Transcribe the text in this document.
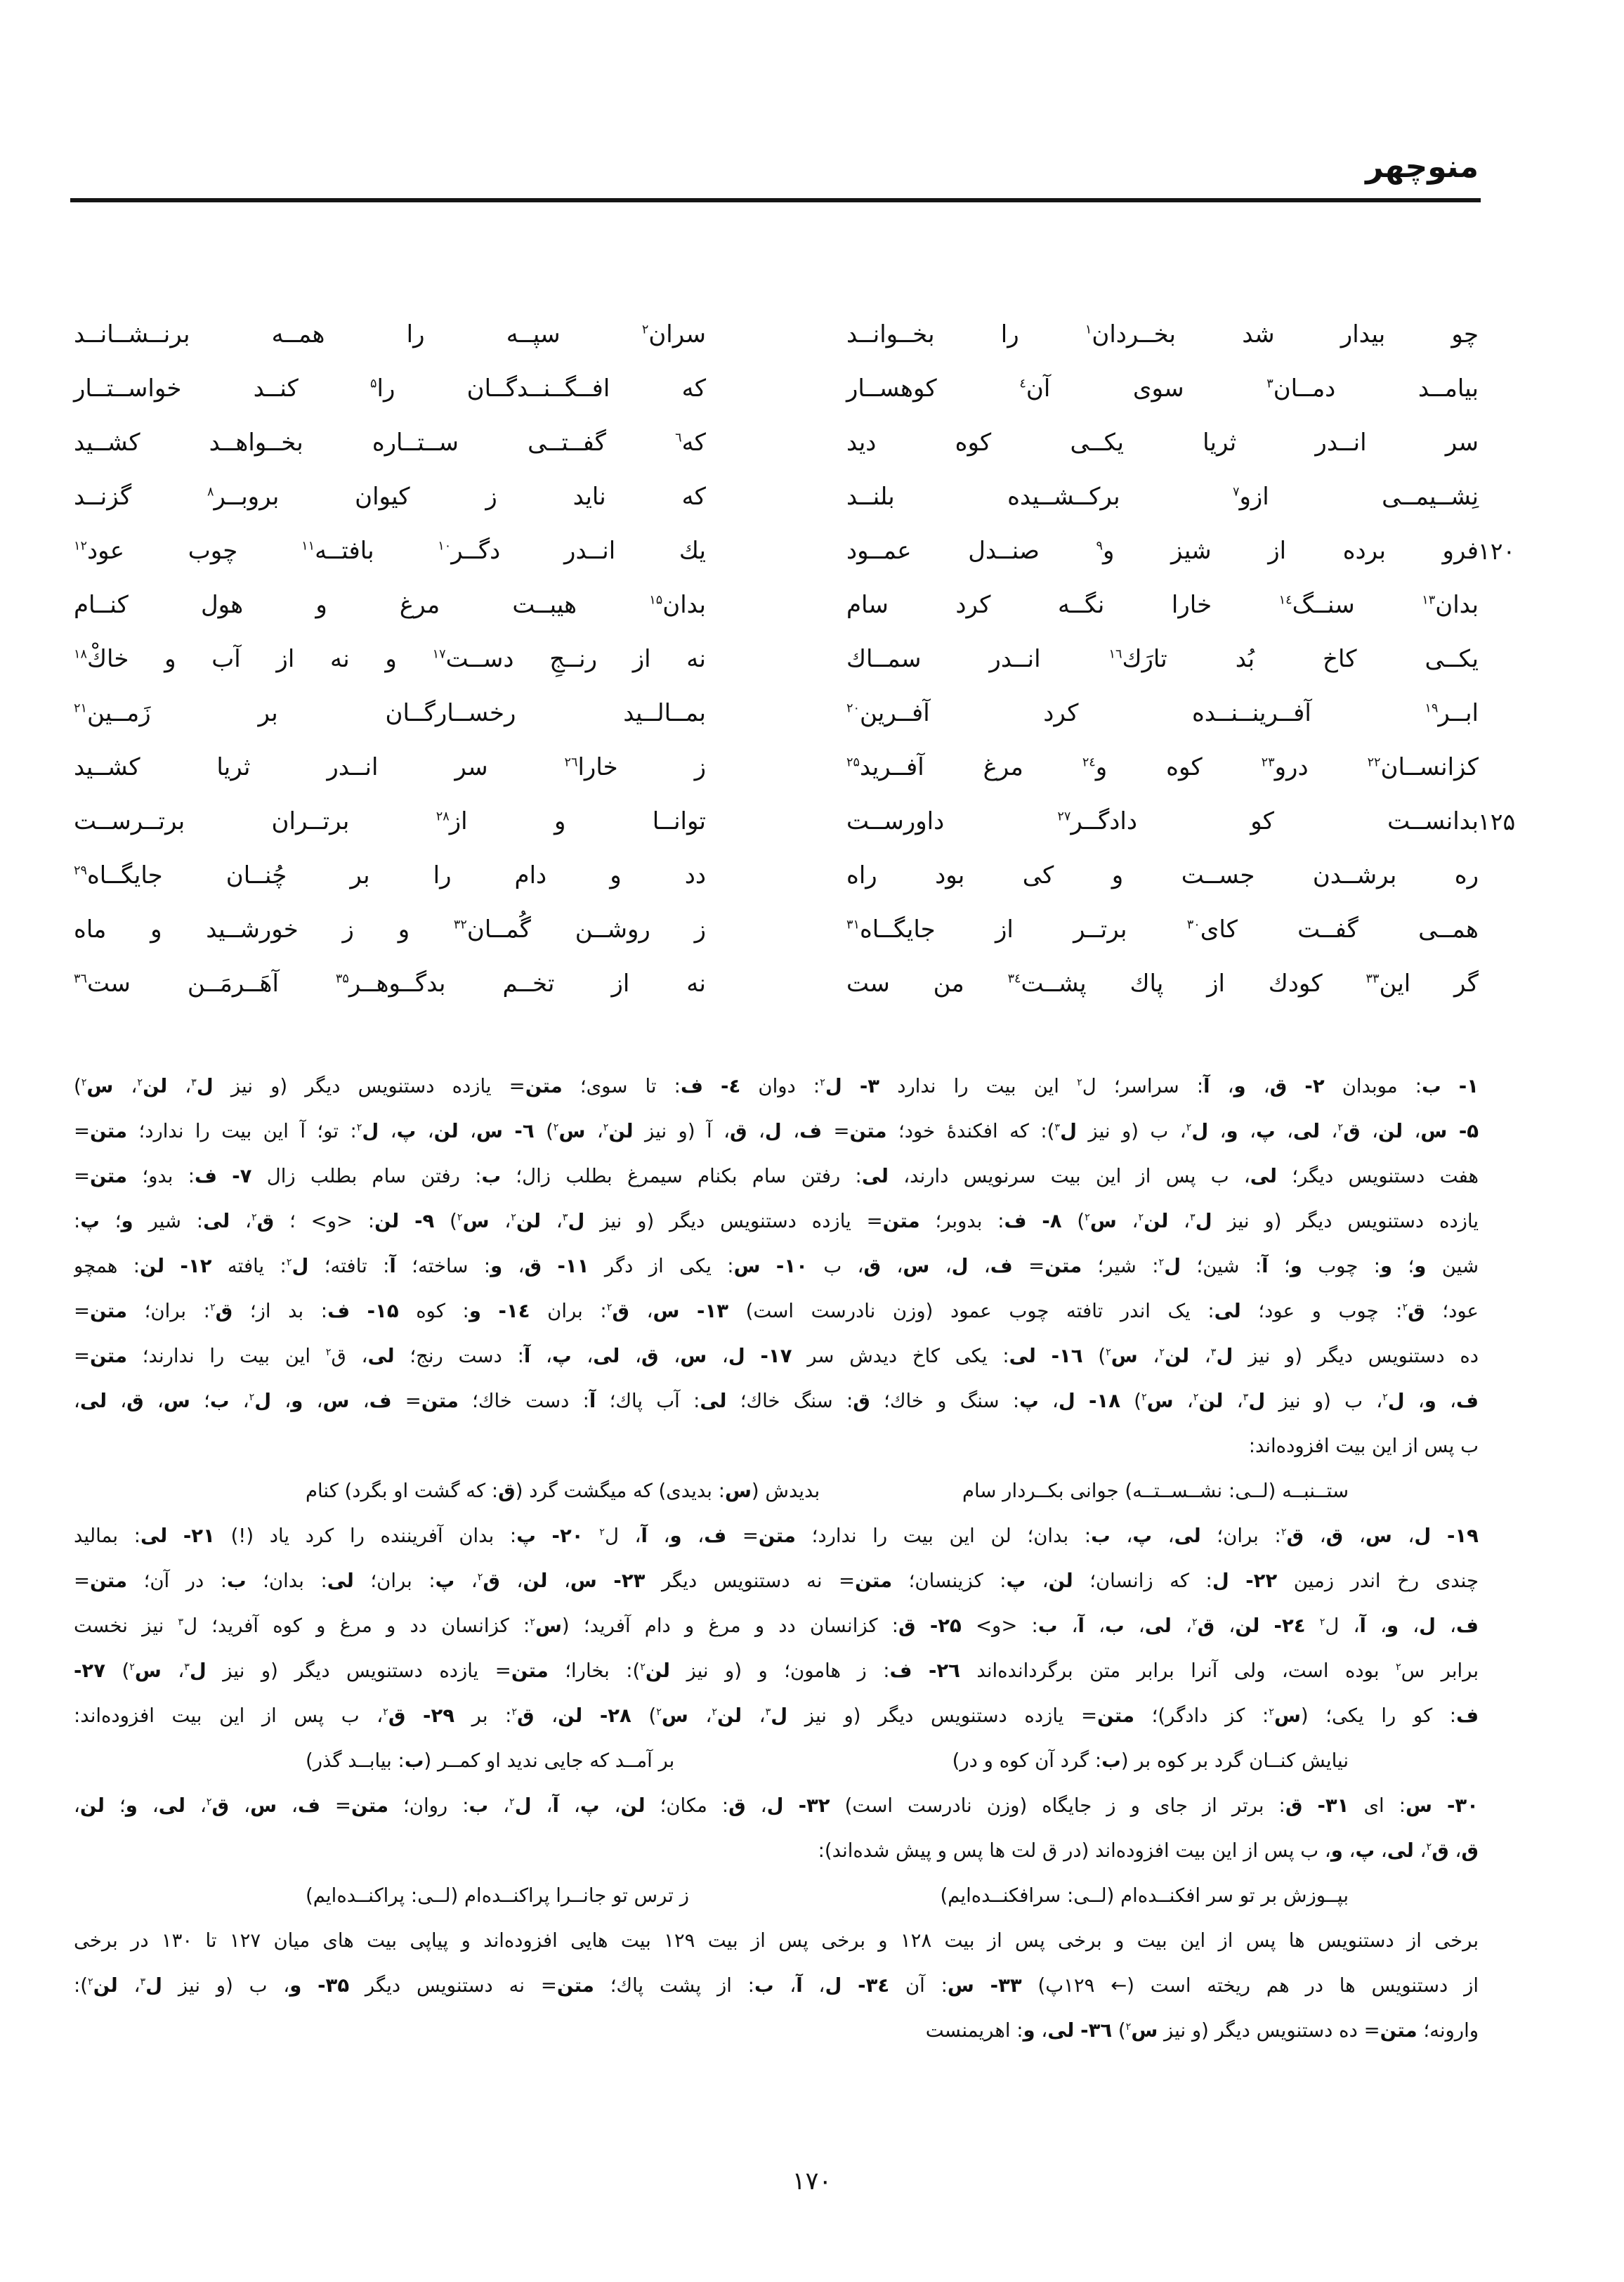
منوچهر
چو بيدار شد بخــردان$^١$ را بخــوانــد
سران$^٢$ سپــه را همــه برنــشــانــد
بيامــد دمــان$^٣$ سوى آن$^٤$ كوهســار
كه افــگــنــدگــان را$^۵$ كنــد خواســتــار
سر انــدر ثريا يكــى كوه ديد
كه$^٦$ گفــتــى ســتــاره بخــواهــد كشــيد
نِشــيمــى ازو$^٧$ بركــشــيده بلنــد
كه نايد ز كيوان بروبــر$^٨$ گزنــد
فرو برده از شيز و$^٩$ صنــدل عمــود
يك انــدر دگــر$^{١٠}$ بافتــه$^{١١}$ چوب عود$^{١٢}$
بدان$^{١٣}$ سنــگ$^{١٤}$ خارا نگــه كرد سام
بدان$^{١۵}$ هيبــت مرغ و هول كنــام
يكــى كاخ بُد تارَك$^{١٦}$ انــدر سمــاك
نه از رنــجِ دســت$^{١٧}$ و نه از آب و خاكْ$^{١٨}$
ابــر$^{١٩}$ آفــرينــنــده كرد آفــرين$^{٢٠}$
بمــالــيد رخســارگــان بر زَمــين$^{٢١}$
كزانســان$^{٢٢}$ درو$^{٢٣}$ كوه و$^{٢٤}$ مرغ آفــريد$^{٢۵}$
ز خارا$^{٢٦}$ سر انــدر ثريا كشــيد
بدانســت كو دادگــر$^{٢٧}$ داورســت
توانــا و از$^{٢٨}$ برتــران برتــرســت
ره برشــدن جســت و كى بود راه
دد و دام را بر چُنــان جايگــاه$^{٢٩}$
همــى گفــت كاى$^{٣٠}$ برتــر از جايگــاه$^{٣١}$
ز روشــن گُمــان$^{٣٢}$ و ز خورشــيد و ماه
گر اين$^{٣٣}$ كودك از پاك پشــت$^{٣٤}$ من ست
نه از تخــم بدگــوهــر$^{٣۵}$ آهَــرمَــن ست$^{٣٦}$
١٢٠
١٢۵
١- ب: موبدان ٢- ق، و، آ: سراسر؛ ل$^٢$ این بیت را ندارد ٣- ل$^٢$: دوان ٤- ف: تا سوی؛ متن= یازده دستنویس دیگر (و نیز ل$^٣$، لن$^٢$، س$^٢$)
۵- س، لن، ق$^٢$، لی، پ، و، ل$^٢$، ب (و نیز ل$^٣$): که افکندهٔ خود؛ متن= ف، ل، ق، آ (و نیز لن$^٢$، س$^٢$) ٦- س، لن، پ، ل$^٢$: تو؛ آ این بیت را ندارد؛ متن=
هفت دستنویس دیگر؛ لی، ب پس از این بیت سرنویس دارند، لی: رفتن سام بکنام سیمرغ بطلب زال؛ ب: رفتن سام بطلب زال ٧- ف: بدو؛ متن=
یازده دستنویس دیگر (و نیز ل$^٣$، لن$^٢$، س$^٢$) ٨- ف: بدوبر؛ متن= یازده دستنویس دیگر (و نیز ل$^٣$، لن$^٢$، س$^٢$) ٩- لن: <و> ؛ ق$^٢$، لی: شیر و؛ پ:
شین و؛ و: چوب و؛ آ: شین؛ ل$^٢$: شیر؛ متن= ف، ل، س، ق، ب ١٠- س: یکی از دگر ١١- ق، و: ساخته؛ آ: تافته؛ ل$^٢$: یافته ١٢- لن: همچو
عود؛ ق$^٢$: چوب و عود؛ لی: یک اندر تافته چوب عمود (وزن نادرست است) ١٣- س، ق$^٢$: بران ١٤- و: کوه ١۵- ف: بد از؛ ق$^٢$: بران؛ متن=
ده دستنویس دیگر (و نیز ل$^٣$، لن$^٢$، س$^٢$) ١٦- لی: یکی کاخ دیدش سر ١٧- ل، س، ق، لی، پ، آ: دست رنج؛ لی، ق$^٢$ این بیت را ندارند؛ متن=
ف، و، ل$^٢$، ب (و نیز ل$^٣$، لن$^٢$، س$^٢$) ١٨- ل، پ: سنگ و خاك؛ ق: سنگ خاك؛ لی: آب پاك؛ آ: دست خاك؛ متن= ف، س، و، ل$^٢$، ب؛ س، ق، لی،
ب پس از این بیت افزوده‌اند:
ستــنبــه (لــی: نشــســتــه) جوانی بكــردار سام
بدیدش (س: بدیدی) که میگشت گرد (ق: که گشت او بگرد) کنام
١٩- ل، س، ق، ق$^٢$: بران؛ لی، پ، ب: بدان؛ لن این بیت را ندارد؛ متن= ف، و، آ، ل$^٢$ ٢٠- پ: بدان آفریننده را کرد یاد (!) ٢١- لی: بمالید
چندی رخ اندر زمین ٢٢- ل: که زانسان؛ لن، پ: کزینسان؛ متن= نه دستنویس دیگر ٢٣- س، لن، ق$^٢$، پ: بران؛ لی: بدان؛ ب: در آن؛ متن=
ف، ل، و، آ، ل$^٢$ ٢٤- لن، ق$^٢$، لی، ب، آ، ب: <و> ٢۵- ق: کزانسان دد و مرغ و دام آفرید؛ (س$^٢$: کزانسان دد و مرغ و کوه آفرید؛ ل$^٣$ نیز نخست
برابر س$^٢$ بوده است، ولی آنرا برابر متن برگردانده‌اند ٢٦- ف: ز هامون؛ و (و نیز لن$^٢$): بخارا؛ متن= یازده دستنویس دیگر (و نیز ل$^٣$، س$^٢$) ٢٧-
ف: کو را یکی؛ (س$^٢$: کز دادگر)؛ متن= یازده دستنویس دیگر (و نیز ل$^٣$، لن$^٢$، س$^٢$) ٢٨- لن، ق$^٢$: بر ٢٩- ق$^٢$، ب پس از این بیت افزوده‌اند:
نیایش كنــان گرد بر كوه بر (ب: گرد آن كوه و در)
بر آمــد كه جایی ندید او كمــر (ب: بیابــد گذر)
٣٠- س: ای ٣١- ق: برتر از جای و ز جایگاه (وزن نادرست است) ٣٢- ل، ق: مکان؛ لن، پ، آ، ل$^٢$، ب: روان؛ متن= ف، س، ق$^٢$، لی، و؛ لن،
ق، ق$^٢$، لی، پ، و، ب پس از این بیت افزوده‌اند (در ق لت ها پس و پیش شده‌اند):
بپــوزش بر تو سر افكنــده‌ام (لــی: سرافكنــده‌ایم)
ز ترس تو جانــرا پراكنــده‌ام (لــی: پراكنــده‌ایم)
برخی از دستنویس ها پس از این بیت و برخی پس از بیت ١٢٨ و برخی پس از بیت ١٢٩ بیت هایی افزوده‌اند و پیاپی بیت های میان ١٢٧ تا ١٣٠ در برخی
از دستنویس ها در هم ریخته است (← ١٢٩پ) ٣٣- س: آن ٣٤- ل، آ، ب: از پشت پاك؛ متن= نه دستنویس دیگر ٣۵- و، ب (و نیز ل$^٣$، لن$^٢$):
وارونه؛ متن= ده دستنویس دیگر (و نیز س$^٢$) ٣٦- لی، و: اهریمنست
١٧٠
